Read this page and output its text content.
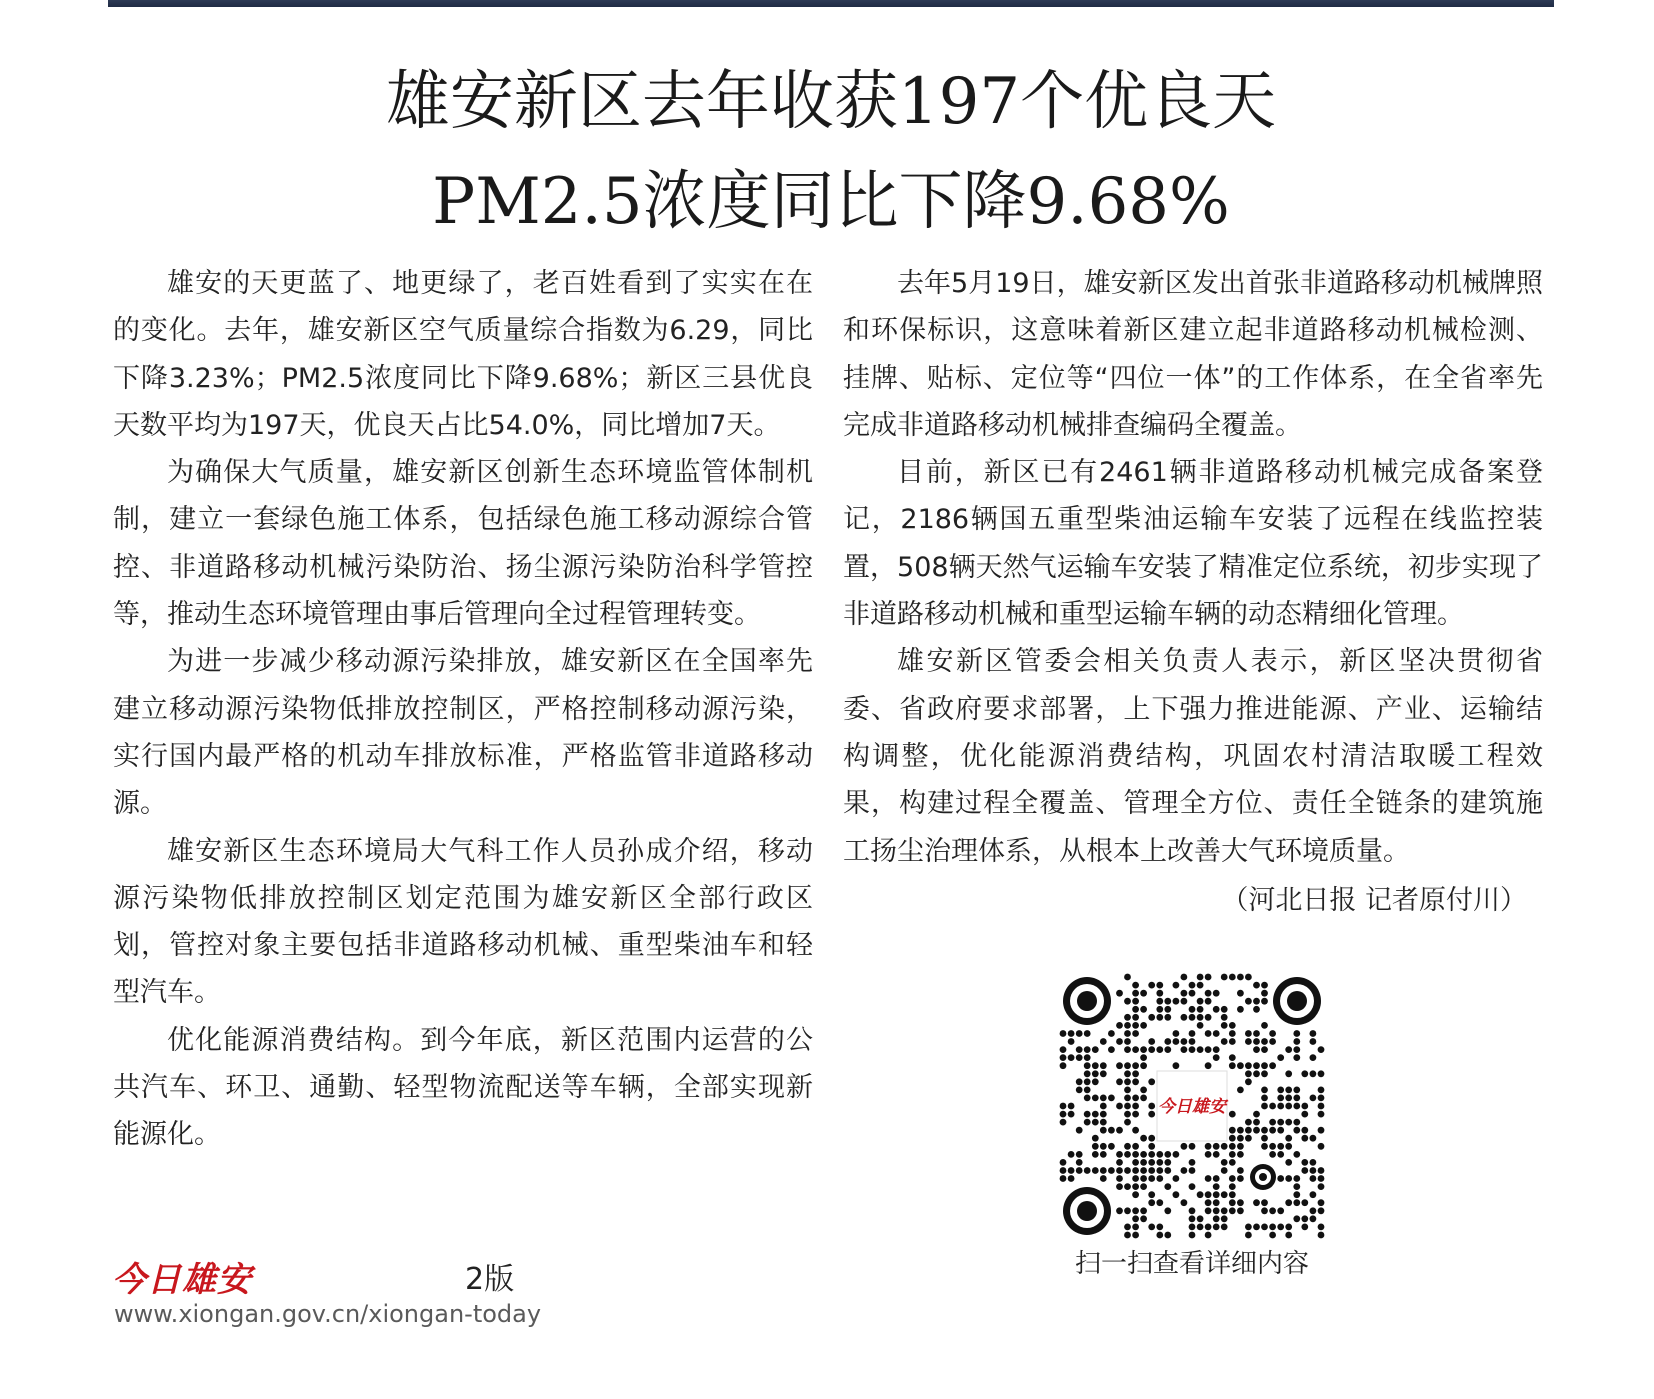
雄安新区去年收获197个优良天
PM2.5浓度同比下降9.68%

雄安的天更蓝了、地更绿了，老百姓看到了实实在在的变化。去年，雄安新区空气质量综合指数为6.29，同比下降3.23%；PM2.5浓度同比下降9.68%；新区三县优良天数平均为197天，优良天占比54.0%，同比增加7天。

为确保大气质量，雄安新区创新生态环境监管体制机制，建立一套绿色施工体系，包括绿色施工移动源综合管控、非道路移动机械污染防治、扬尘源污染防治科学管控等，推动生态环境管理由事后管理向全过程管理转变。

为进一步减少移动源污染排放，雄安新区在全国率先建立移动源污染物低排放控制区，严格控制移动源污染，实行国内最严格的机动车排放标准，严格监管非道路移动源。

雄安新区生态环境局大气科工作人员孙成介绍，移动源污染物低排放控制区划定范围为雄安新区全部行政区划，管控对象主要包括非道路移动机械、重型柴油车和轻型汽车。

优化能源消费结构。到今年底，新区范围内运营的公共汽车、环卫、通勤、轻型物流配送等车辆，全部实现新能源化。

去年5月19日，雄安新区发出首张非道路移动机械牌照和环保标识，这意味着新区建立起非道路移动机械检测、挂牌、贴标、定位等“四位一体”的工作体系，在全省率先完成非道路移动机械排查编码全覆盖。

目前，新区已有2461辆非道路移动机械完成备案登记，2186辆国五重型柴油运输车安装了远程在线监控装置，508辆天然气运输车安装了精准定位系统，初步实现了非道路移动机械和重型运输车辆的动态精细化管理。

雄安新区管委会相关负责人表示，新区坚决贯彻省委、省政府要求部署，上下强力推进能源、产业、运输结构调整，优化能源消费结构，巩固农村清洁取暖工程效果，构建过程全覆盖、管理全方位、责任全链条的建筑施工扬尘治理体系，从根本上改善大气环境质量。

（河北日报 记者原付川）
今日雄安
扫一扫查看详细内容
今日雄安	2版
www.xiongan.gov.cn/xiongan-today
